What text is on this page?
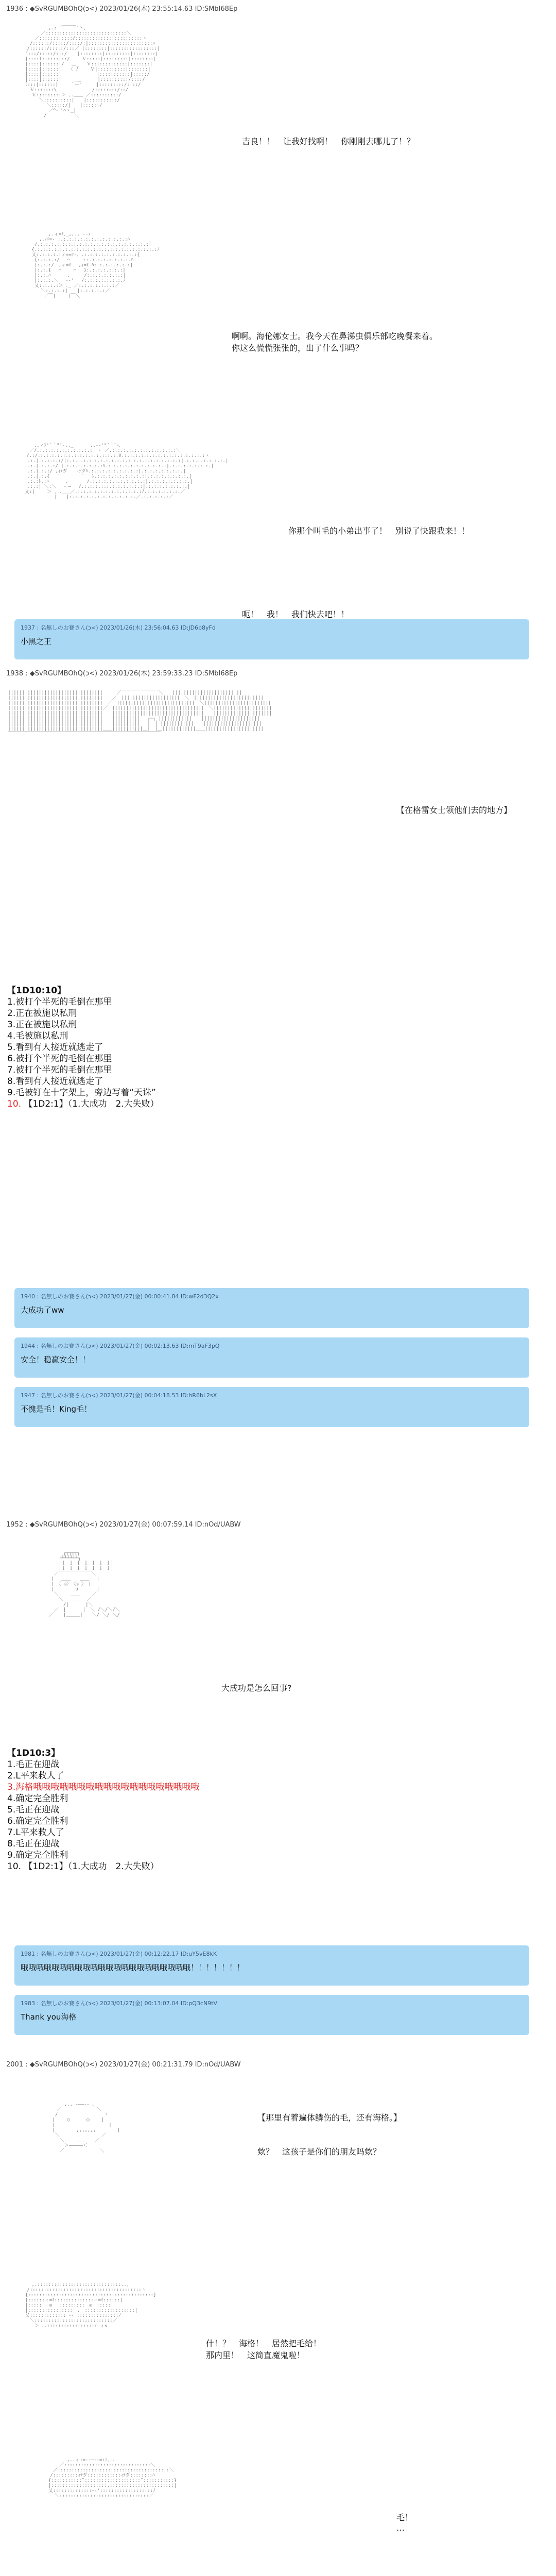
1936 : ◆SvRGUMBOhQ(ɔ<) 2023/01/26(木) 23:55:14.63 ID:SMbI68Ep
1938 : ◆SvRGUMBOhQ(ɔ<) 2023/01/26(木) 23:59:33.23 ID:SMbI68Ep
1952 : ◆SvRGUMBOhQ(ɔ<) 2023/01/27(金) 00:07:59.14 ID:nOd/UABW
2001 : ◆SvRGUMBOhQ(ɔ<) 2023/01/27(金) 00:21:31.79 ID:nOd/UABW

　　　　　 　　,.: ´￣￣￣`丶、
　　　　　　／:::::::::::::::::::::::::::::＼
　　　　 ／::::::::::::/::::::::::::::::::::::::ヽ
　　　 /::::::/:::::/::::/:|:::::::::::::::::::::::ﾊ
　　　/::::::/:::::/:::／ |::::::::|:::::::::::::::::|
　　 ′:::/:::::/:::/ 　 |::::::::|:::::::::|::::::::|
　　 |::::l::::::|::/　　 Ｖ:::::|:::::::::|::::::::|
　　 |::::|::::::|/　 ＿_　 Ｖ::|::::::::::|:::::::|
　　 |::::|::::::|　　〈 ﾉ　　 Ｖ|::::::::::|:::::::|
　　 |::::|::::::|　　　　　　　 |:::::::::::|:::::/
　　 |::::|::::::|　　 ＿_　　　 |::::::::::/::::/
　　 ﾘ:::|::::::|　　 ｀ー'　　　|:::::::::/::::/
　　　 Ｖ:::::::\　　　　　　　 /::::::::/::/
　　　　Ｖ:::::::::＞ ､.＿＿ ／::::::::::/
　　　　　 ＼::::::::::|　　|:::::::::::/
　　　　　 　 ＼:::::/|　　|::::::/
　　　　　　　 ／^ー'⌒ヽ_|
　　　　　　 /　　　　　　＼

　　　　　　　 ,.ィ=ﾐ､_,,.. -‐ｧ
　　　　　 ,.ｨﾆ=- :.:.:.:.:.:.:.:.:.:.:.:.:ﾊ
　　　　 /.:.:.:.:.:.:.:.:.:.:.:.:.:.:.:.:.:.:.:.:｝
　　　　{.:.:.:.:.:.:.:.:.:.:.:.:.:.:.:.:.:.:.:.:.:.:ﾉ
　　　　乂:.:.:.:.:ィ==ｧ‐、.:.:.:.:.:.:.:.:.:.:{
　　　　 {:.:.:.:/　 ⌒　　 ヽ:.:.:.:.:.:.:.:.ﾊ
　　　　 |:.:.:/　,ィ=ﾐ　 ,ｨ=ﾐ ﾊ:.:.:.:.:.:.:|
　　　　 |:.:.{　 ⌒　　 ⌒　 }:.:.:.:.:.:.:|
　　　　 |:.:.ﾊ　　　 ,　　　/:.:.:.:.:.:.:|
　　　　 |:.:.:.＼　 ｰ‐'　 /:.:.:.:.:.:.:.ﾉ
　　　　 乂:.:.:.:＞ ､_ ／:.:.:.:.:.:.:／
　　　　　　＼:.:.:.:|　　|:.:.:.:.:／
　　　　　　 ／￣|　　 |￣＼

　　　　　 ,.ィﾌ'´｀"'-.,_　　　 ,.-‐'"´｀ﾞｰ､
　　　　 ／/.:.:.:.:.:.:.:.:.:.:｀ヽ ／.:.:.:.:.:.:.:.:.:.:.:.:＼
　　　　/.:/.:.:.:.:.:.:.:.:.:.:.:.:.:.:.V.:.:.:.:.:.:.:.:.:.:.:.:.:.:.:ヽ
　　　 |.:.|.:.:.:.:/|:.:.:.:.:.:.:.:.:.:.:.:.:.:.:.:.:.:.:.:.:|.:.:.:.:.:.:.:.|
　　　 |.:.|.:.:.:/ |.:.:.:.:.:.:.:ﾊ.:.:.:.:.:.:.:.:.:.:.:|.:.:.:.:.:.:.:.|
　　　 |.:.|.:.:/ ,ｨﾃ歹　　ｨﾃ歹ﾊ.:.:.:.:.:.:.:.:.:|.:.:.:.:.:.:.:.|
　　　 |.:.|.:.{　 ¨　　　　 ¨　 }.:.:.:.:.:.:.:.:.:|.:.:.:.:.:.:.:.|
　　　 |.:.:ﾄ.:ﾊ　　　 ,　　　　/.:.:.:.:.:.:.:.:.:.:|.:.:.:.:.:.:.:.|
　　　 |.:.:| ＼:＼　 ー―　 /.:.:.:.:.:.:.:.:.:.:.:|.:.:.:.:.:.:.:.|
　　　 乂:|　　 ＞ 、.___／.:.:.:.:.:.:.:.:.:.:.:.:ﾉ.:.:.:.:.:.:.／
　　　　　　　　　　|　　|:.:.:.:.:.:.:.:.:.:.:.:.／.:.:.:.:.:／

||||||||||||||||||||||||||||||||||　　　／￣￣￣￣￣￣￣￣＼　　|||||||||||||||||||||||||
||||||||||||||||||||||||||||||||||　　／　|||||||||||||||||||||　＼　|||||||||||||||||||||||||
||||||||||||||||||||||||||||||||||　／　||||||||||||||||||||||||||||　＼||||||||||||||||||||||||
||||||||||||||||||||||||||||||||||／　|||||||||||||||||||||||||||||||||　＼|||||||||||||||||||||
||||||||||||||||||||||||||||||||||　　|||||||||||||||||||||||||||||||||　　|||||||||||||||||||||
||||||||||||||||||||||||||||||||||　　||||||||||　 ┌─┐ ||||||||||||　　|||||||||||||||||||||
||||||||||||||||||||||||||||||||||　　||||||||||　 │　│ ||||||||||||　　|||||||||||||||||||||
||||||||||||||||||||||||||||||||||＿＿|||||||||||＿│　│＿||||||||||||＿＿|||||||||||||||||||||
￣￣￣￣￣￣￣￣￣￣￣￣￣￣￣￣￣￣￣￣￣￣￣￣￣￣￣￣￣￣￣￣￣

　　　　　　　　 ┌┬┬┬┬┐
　　　　　　　 ┌┴┴┴┴┴┴┐
　　　　　　　 │ｌ ｌ ｌ ｌ ｌ ｌ ｌ│
　　　　　　　 │ｌ ｌ ｌ ｌ ｌ ｌ ｌ│
　　　　　　 ／￣￣￣￣￣￣￣＼
　　　　　　|　 ＿＿　　＿＿　 |
　　　　　　|　〈 ◎〉　〈◎ 〉　|
　　　　　　|　　　　 ∪　　　　|
　　　　　　 ＼　　 ＿＿　　 ／
　　　　　　　 ＼＿＿＿＿＿／
　　　　　　　　 /|　　　 |＼
　　　　　　 ／　|　　　 |　＼ /＼/＼/＼
　　　　　 ／　　|＿＿＿|　　＼/ ＼/ ＼/

　　　　　　 ,.. -――‐- 、
　　　　　／　　　　　　　 ＼
　　　　 /　　　　　　　　　　ヽ
　　　　|　　 ◯　　　 ◯　　 |
　　　　|　　　　　　　　　　　 |
　　　　|　　　　 ,,,,,,,　　　　 |
　　　　 ＼　　　　　　　　　／
　　　　　 ＼　　 ＿＿　　／
　　　　　　 ＞―――――＜
　　　　　 ／　　　　　　　 ＼

　　　　,.::::::::::::::::::::::::::::::..,
　　　/::::::::::::::::::::::::::::::::::::::::ヽ
　　 {:::::::::::::::::::::::::::::::::::::::::::::}
　　 |::::::ィ=ﾐ::::::::::::::ィ=ﾐ::::::|
　　 |:::::　 ◎ 　:::::::::　◎　:::::|
　　 |::::::::::::::::　.　::::::::::::::::::|
　　 乂::::::::::::: ｰ‐ :::::::::::::::ﾉ
　　　 ＼::::::::::::::::::::::::::::／
　　　　 ＞ ､.:::::::::::::::::: ィ<

　　　　　　　　　　　 ,..ィ:=-‐―‐-=:ｧ､..
　　　　　　　　　　／:::::::::::::::::::::::::::::::＼
　　　　　　　　 ／::::::::::::::::::::::::::::::::::::::::＼
　　　　　　　　/:::::::::ｨﾃ歹::::::::::::ｨﾃ歹::::::::ﾊ
　　　　　　　 {:::::::::::¨::::::::::::::::::::¨:::::::::::}
　　　　　　　 |::::::::::::::::::::,:::::::::::::::::::::::|
　　　　　　　 乂::::::::::::::ｰ‐':::::::::::::::::::ﾉ
　　　　　　　　　＼::::::::::::::::::::::::::::::::／

吉良！！　让我好找啊！　你刚刚去哪儿了！？
啊啊。海伦娜女士。我今天在鼻涕虫俱乐部吃晚餐来着。
你这么慌慌张张的，出了什么事吗？
你那个叫毛的小弟出事了！　别说了快跟我来！！
呃！　我！　我们快去吧！！
【在格雷女士领他们去的地方】
大成功是怎么回事?
【那里有着遍体鳞伤的毛，还有海格。】
欸？　这孩子是你们的朋友吗欸？
什！？　海格！　居然把毛给！
那内里！　这简直魔鬼啦！
毛！
…
1937 : 名無しのお賽さん(ɔ<) 2023/01/26(木) 23:56:04.63 ID:JD6p8yFd
小黑之王
1940 : 名無しのお賽さん(ɔ<) 2023/01/27(金) 00:00:41.84 ID:wF2d3Q2x
大成功了ww
1944 : 名無しのお賽さん(ɔ<) 2023/01/27(金) 00:02:13.63 ID:mT9aF3pQ
安全！稳赢安全！！
1947 : 名無しのお賽さん(ɔ<) 2023/01/27(金) 00:04:18.53 ID:hR6bL2sX
不愧是毛！King毛！
1981 : 名無しのお賽さん(ɔ<) 2023/01/27(金) 00:12:22.17 ID:uY5vE8kK
哦哦哦哦哦哦哦哦哦哦哦哦哦哦哦哦哦哦哦哦哦哦！！！！！！！
1983 : 名無しのお賽さん(ɔ<) 2023/01/27(金) 00:13:07.04 ID:pQ3cN9tV
Thank you海格
【1D10:10】
1.被打个半死的毛倒在那里
2.正在被施以私刑
3.正在被施以私刑
4.毛被施以私刑
5.看到有人接近就逃走了
6.被打个半死的毛倒在那里
7.被打个半死的毛倒在那里
8.看到有人接近就逃走了
9.毛被钉在十字架上，旁边写着“天诛”
10. 【1D2:1】（1.大成功　2.大失败）
【1D10:3】
1.毛正在迎战
2.L平来救人了
3.海格哦哦哦哦哦哦哦哦哦哦哦哦哦哦哦哦哦哦哦
4.确定完全胜利
5.毛正在迎战
6.确定完全胜利
7.L平来救人了
8.毛正在迎战
9.确定完全胜利
10. 【1D2:1】（1.大成功　2.大失败）
